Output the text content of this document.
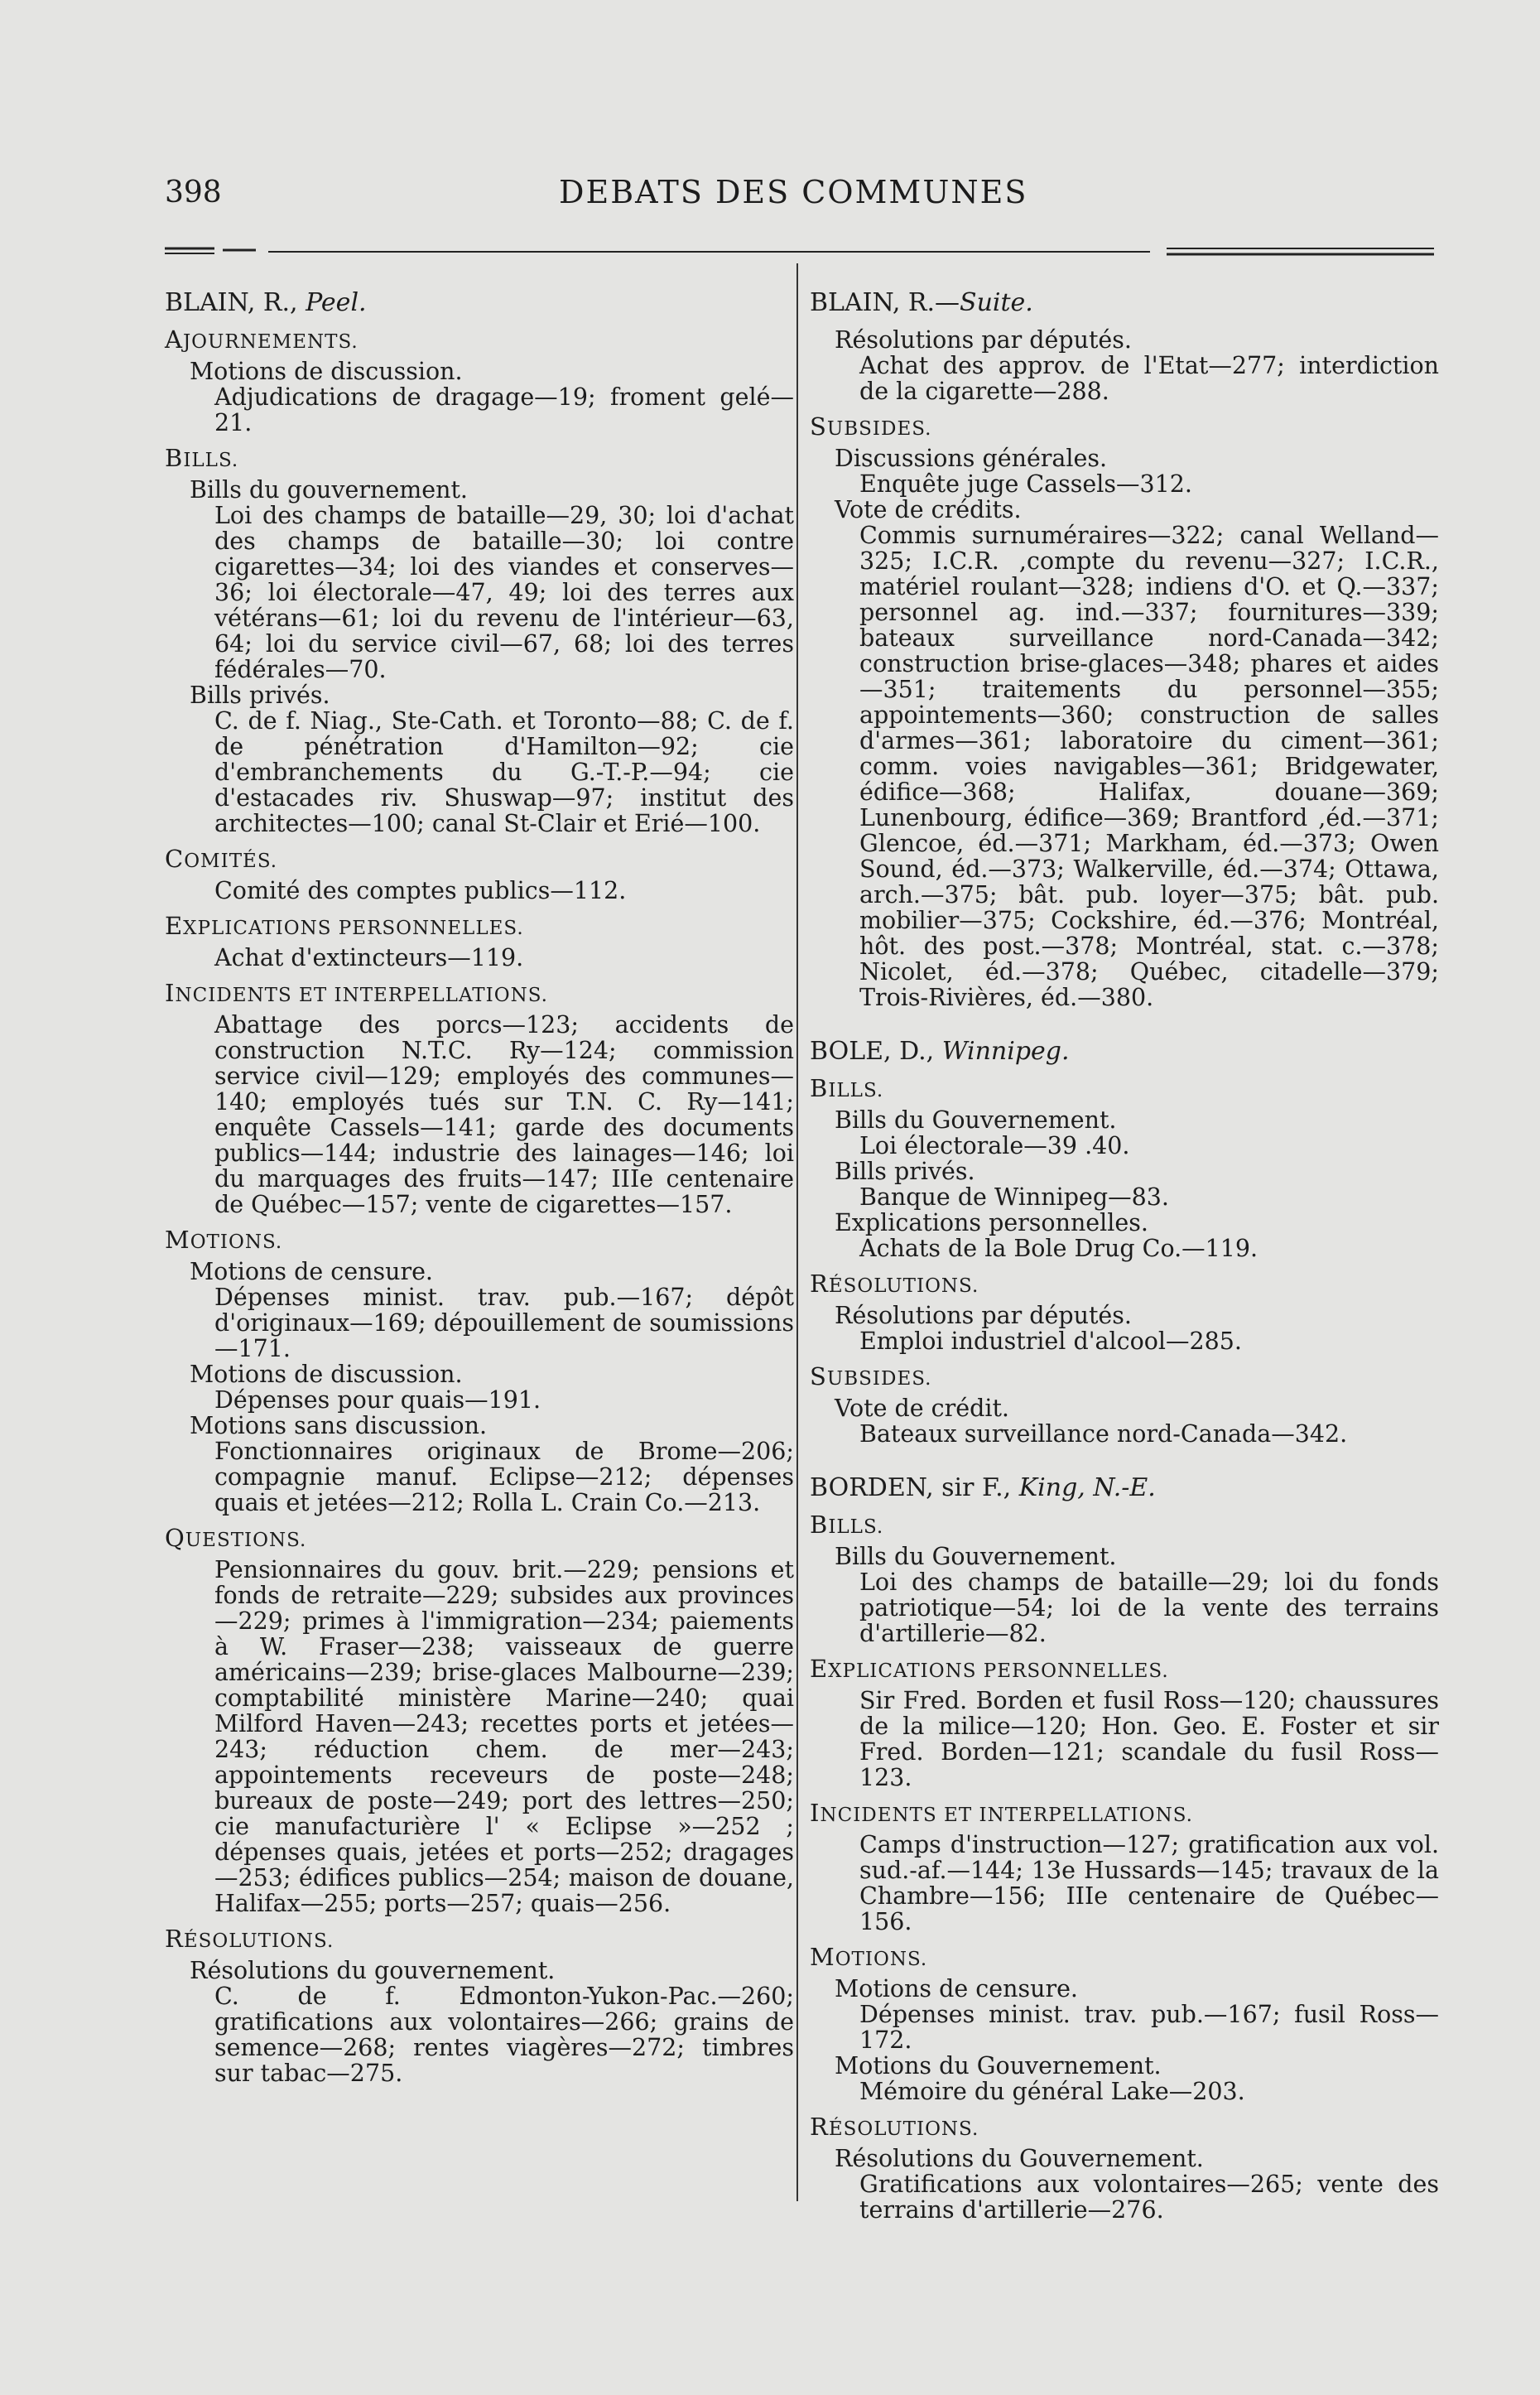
398	DEBATS DES COMMUNES
BLAIN, R., Peel.
AJOURNEMENTS.
Motions de discussion.
Adjudications de dragage—19; froment gelé—21.
BILLS.
Bills du gouvernement.
Loi des champs de bataille—29, 30; loi d'achat des champs de bataille—30; loi contre cigarettes—34; loi des viandes et conserves—36; loi électorale—47, 49; loi des terres aux vétérans—61; loi du revenu de l'intérieur—63, 64; loi du service civil—67, 68; loi des terres fédérales—70.
Bills privés.
C. de f. Niag., Ste-Cath. et Toronto—88; C. de f. de pénétration d'Hamilton—92; cie d'embranchements du G.-T.-P.—94; cie d'estacades riv. Shuswap—97; institut des architectes—100; canal St-Clair et Erié—100.
COMITÉS.
Comité des comptes publics—112.
EXPLICATIONS PERSONNELLES.
Achat d'extincteurs—119.
INCIDENTS ET INTERPELLATIONS.
Abattage des porcs—123; accidents de construction N.T.C. Ry—124; commission service civil—129; employés des communes—140; employés tués sur T.N. C. Ry—141; enquête Cassels—141; garde des documents publics—144; industrie des lainages—146; loi du marquages des fruits—147; IIIe centenaire de Québec—157; vente de cigarettes—157.
MOTIONS.
Motions de censure.
Dépenses minist. trav. pub.—167; dépôt d'originaux—169; dépouillement de soumissions—171.
Motions de discussion.
Dépenses pour quais—191.
Motions sans discussion.
Fonctionnaires originaux de Brome—206; compagnie manuf. Eclipse—212; dépenses quais et jetées—212; Rolla L. Crain Co.—213.
QUESTIONS.
Pensionnaires du gouv. brit.—229; pensions et fonds de retraite—229; subsides aux provinces—229; primes à l'immigration—234; paiements à W. Fraser—238; vaisseaux de guerre américains—239; brise-glaces Malbourne—239; comptabilité ministère Marine—240; quai Milford Haven—243; recettes ports et jetées—243; réduction chem. de mer—243; appointements receveurs de poste—248; bureaux de poste—249; port des lettres—250; cie manufacturière l' « Eclipse »—252 ; dépenses quais, jetées et ports—252; dragages—253; édifices publics—254; maison de douane, Halifax—255; ports—257; quais—256.
RÉSOLUTIONS.
Résolutions du gouvernement.
C. de f. Edmonton-Yukon-Pac.—260; gratifications aux volontaires—266; grains de semence—268; rentes viagères—272; timbres sur tabac—275.
BLAIN, R.—Suite.
Résolutions par députés.
Achat des approv. de l'Etat—277; interdiction de la cigarette—288.
SUBSIDES.
Discussions générales.
Enquête juge Cassels—312.
Vote de crédits.
Commis surnuméraires—322; canal Welland—325; I.C.R. ,compte du revenu—327; I.C.R., matériel roulant—328; indiens d'O. et Q.—337; personnel ag. ind.—337; fournitures—339; bateaux surveillance nord-Canada—342; construction brise-glaces—348; phares et aides—351; traitements du personnel—355; appointements—360; construction de salles d'armes—361; laboratoire du ciment—361; comm. voies navigables—361; Bridgewater, édifice—368; Halifax, douane—369; Lunenbourg, édifice—369; Brantford ,éd.—371; Glencoe, éd.—371; Markham, éd.—373; Owen Sound, éd.—373; Walkerville, éd.—374; Ottawa, arch.—375; bât. pub. loyer—375; bât. pub. mobilier—375; Cockshire, éd.—376; Montréal, hôt. des post.—378; Montréal, stat. c.—378; Nicolet, éd.—378; Québec, citadelle—379; Trois-Rivières, éd.—380.
BOLE, D., Winnipeg.
BILLS.
Bills du Gouvernement.
Loi électorale—39 .40.
Bills privés.
Banque de Winnipeg—83.
Explications personnelles.
Achats de la Bole Drug Co.—119.
RÉSOLUTIONS.
Résolutions par députés.
Emploi industriel d'alcool—285.
SUBSIDES.
Vote de crédit.
Bateaux surveillance nord-Canada—342.
BORDEN, sir F., King, N.-E.
BILLS.
Bills du Gouvernement.
Loi des champs de bataille—29; loi du fonds patriotique—54; loi de la vente des terrains d'artillerie—82.
EXPLICATIONS PERSONNELLES.
Sir Fred. Borden et fusil Ross—120; chaussures de la milice—120; Hon. Geo. E. Foster et sir Fred. Borden—121; scandale du fusil Ross—123.
INCIDENTS ET INTERPELLATIONS.
Camps d'instruction—127; gratification aux vol. sud.-af.—144; 13e Hussards—145; travaux de la Chambre—156; IIIe centenaire de Québec—156.
MOTIONS.
Motions de censure.
Dépenses minist. trav. pub.—167; fusil Ross—172.
Motions du Gouvernement.
Mémoire du général Lake—203.
RÉSOLUTIONS.
Résolutions du Gouvernement.
Gratifications aux volontaires—265; vente des terrains d'artillerie—276.
